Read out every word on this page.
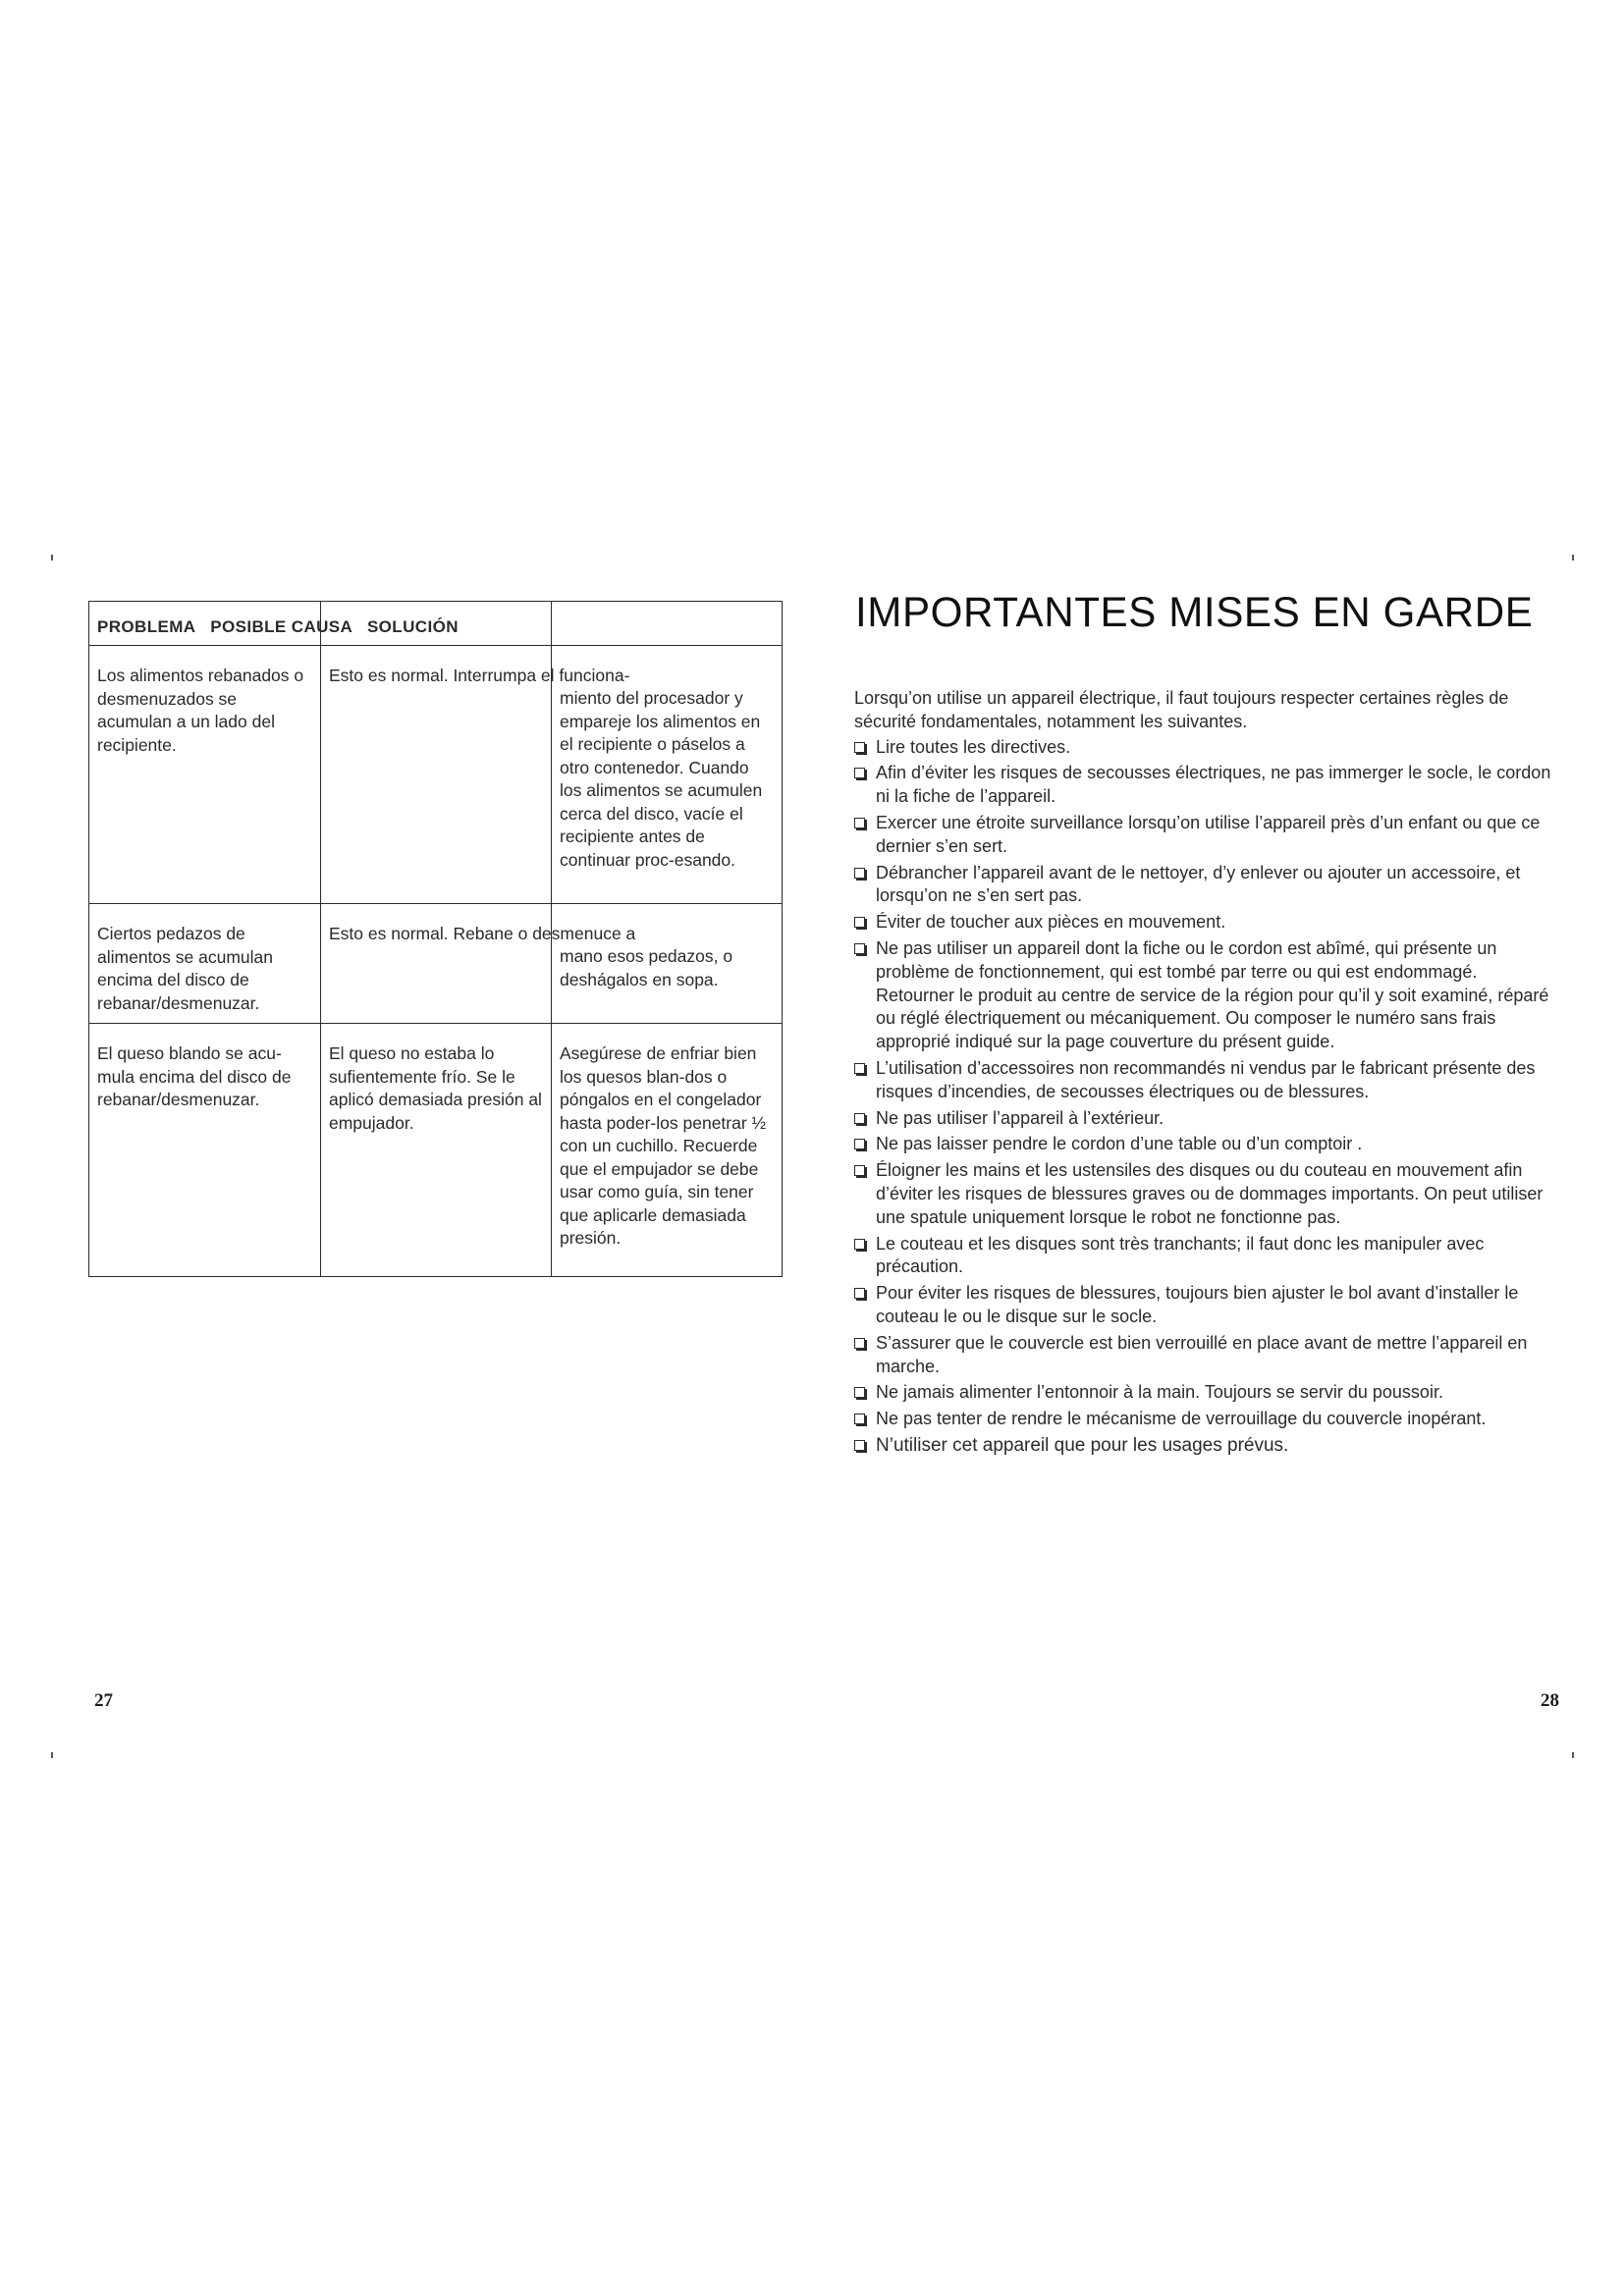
PROBLEMA   POSIBLE CAUSA   SOLUCIÓN		

Los alimentos rebanados o desmenuzados se acumulan a un lado del recipiente.	Esto es normal. Interrumpa el funciona-	miento del procesador y empareje los alimentos en el recipiente o páselos a otro contenedor. Cuando los alimentos se acumulen cerca del disco, vacíe el recipiente antes de continuar proc-esando.

Ciertos pedazos de alimentos se acumulan encima del disco de rebanar/desmenuzar.	Esto es normal. Rebane o desmenuce a	mano esos pedazos, o deshágalos en sopa.

El queso blando se acu-mula encima del disco de rebanar/desmenuzar.	El queso no estaba lo sufientemente frío. Se le aplicó demasiada presión al empujador.	Asegúrese de enfriar bien los quesos blan-dos o póngalos en el congelador hasta poder-los penetrar ½ con un cuchillo. Recuerde que el empujador se debe usar como guía, sin tener que aplicarle demasiada presión.
27
IMPORTANTES MISES EN GARDE

Lorsqu’on utilise un appareil électrique, il faut toujours respecter certaines règles de sécurité fondamentales, notamment les suivantes.

Lire toutes les directives.
Afin d’éviter les risques de secousses électriques, ne pas immerger le socle, le cordon ni la fiche de l’appareil.
Exercer une étroite surveillance lorsqu’on utilise l’appareil près d’un enfant ou que ce dernier s’en sert.
Débrancher l’appareil avant de le nettoyer, d’y enlever ou ajouter un accessoire, et lorsqu’on ne s’en sert pas.
Éviter de toucher aux pièces en mouvement.
Ne pas utiliser un appareil dont la fiche ou le cordon est abîmé, qui présente un problème de fonctionnement, qui est tombé par terre ou qui est endommagé. Retourner le produit au centre de service de la région pour qu’il y soit examiné, réparé ou réglé électriquement ou mécaniquement. Ou composer le numéro sans frais approprié indiqué sur la page couverture du présent guide.
L’utilisation d’accessoires non recommandés ni vendus par le fabricant présente des risques d’incendies, de secousses électriques ou de blessures.
Ne pas utiliser l’appareil à l’extérieur.
Ne pas laisser pendre le cordon d’une table ou d’un comptoir .
Éloigner les mains et les ustensiles des disques ou du couteau en mouvement afin d’éviter les risques de blessures graves ou de dommages importants. On peut utiliser une spatule uniquement lorsque le robot ne fonctionne pas.
Le couteau et les disques sont très tranchants; il faut donc les manipuler avec précaution.
Pour éviter les risques de blessures, toujours bien ajuster le bol avant d’installer le couteau le ou le disque sur le socle.
S’assurer que le couvercle est bien verrouillé en place avant de mettre l’appareil en marche.
Ne jamais alimenter l’entonnoir à la main. Toujours se servir du poussoir.
Ne pas tenter de rendre le mécanisme de verrouillage du couvercle inopérant.
N’utiliser cet appareil que pour les usages prévus.
28
